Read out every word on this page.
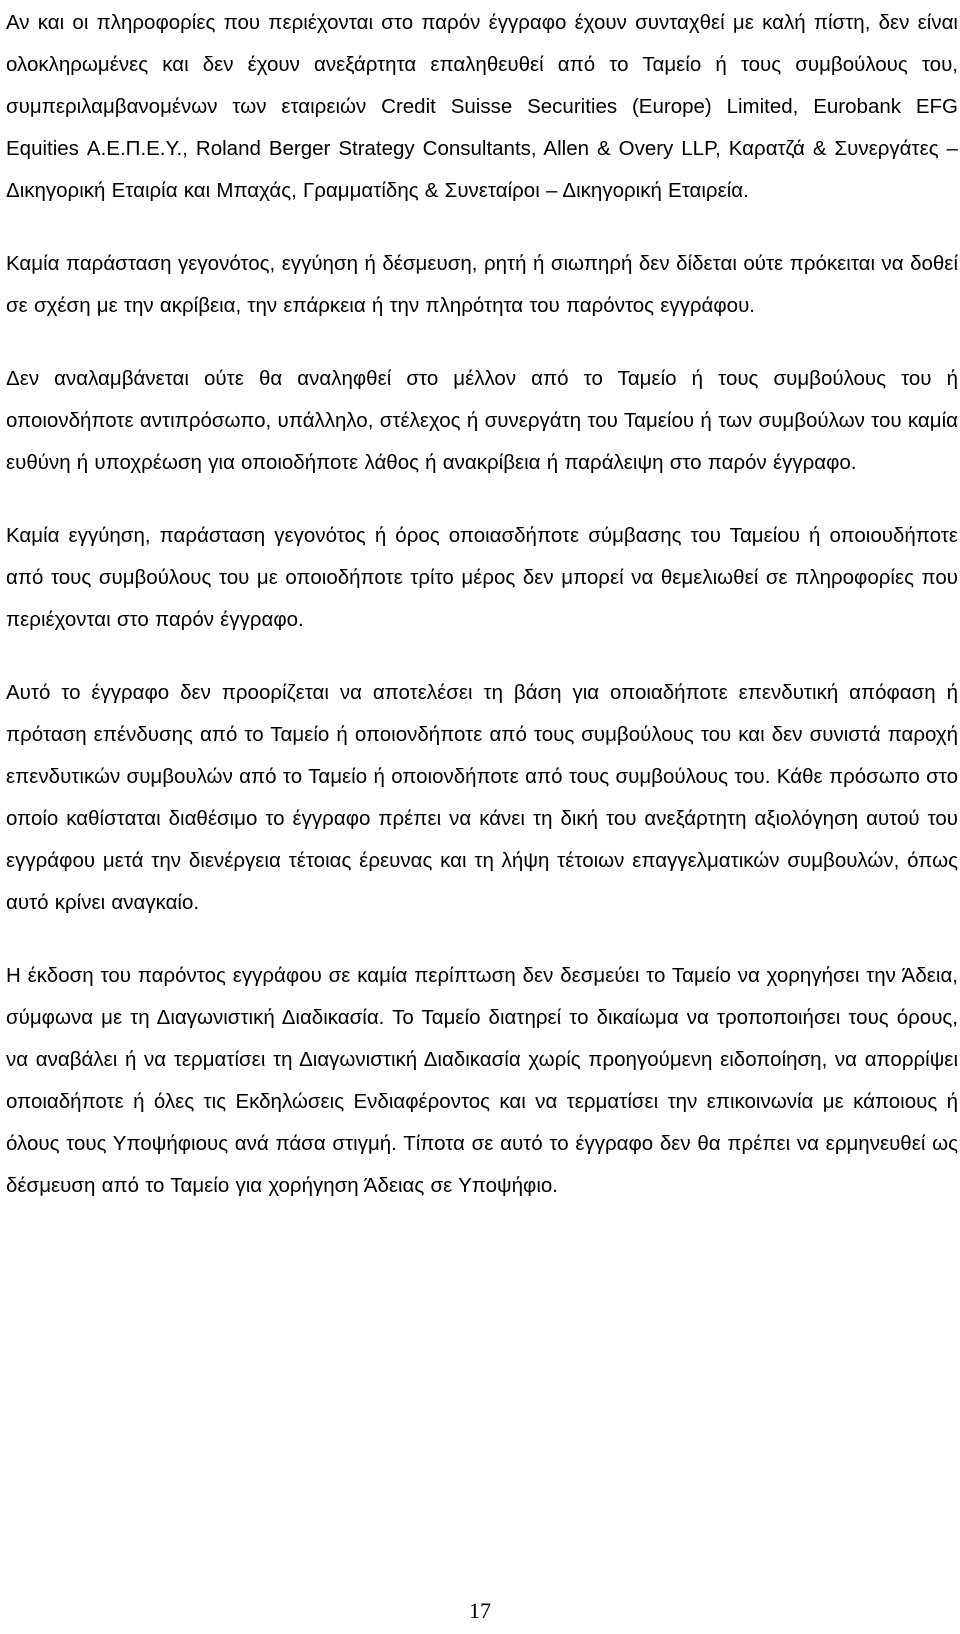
Αν και οι πληροφορίες που περιέχονται στο παρόν έγγραφο έχουν συνταχθεί με καλή πίστη, δεν είναι ολοκληρωμένες και δεν έχουν ανεξάρτητα επαληθευθεί από το Ταμείο ή τους συμβούλους του, συμπεριλαμβανομένων των εταιρειών Credit Suisse Securities (Europe) Limited, Eurobank EFG Equities Α.Ε.Π.Ε.Υ., Roland Berger Strategy Consultants, Allen & Overy LLP, Καρατζά & Συνεργάτες – Δικηγορική Εταιρία και Μπαχάς, Γραμματίδης & Συνεταίροι – Δικηγορική Εταιρεία.

Καμία παράσταση γεγονότος, εγγύηση ή δέσμευση, ρητή ή σιωπηρή δεν δίδεται ούτε πρόκειται να δοθεί σε σχέση με την ακρίβεια, την επάρκεια ή την πληρότητα του παρόντος εγγράφου.

Δεν αναλαμβάνεται ούτε θα αναληφθεί στο μέλλον από το Ταμείο ή τους συμβούλους του ή οποιονδήποτε αντιπρόσωπο, υπάλληλο, στέλεχος ή συνεργάτη του Ταμείου ή των συμβούλων του καμία ευθύνη ή υποχρέωση για οποιοδήποτε λάθος ή ανακρίβεια ή παράλειψη στο παρόν έγγραφο.

Καμία εγγύηση, παράσταση γεγονότος ή όρος οποιασδήποτε σύμβασης του Ταμείου ή οποιουδήποτε από τους συμβούλους του με οποιοδήποτε τρίτο μέρος δεν μπορεί να θεμελιωθεί σε πληροφορίες που περιέχονται στο παρόν έγγραφο.

Αυτό το έγγραφο δεν προορίζεται να αποτελέσει τη βάση για οποιαδήποτε επενδυτική απόφαση ή πρόταση επένδυσης από το Ταμείο ή οποιονδήποτε από τους συμβούλους του και δεν συνιστά παροχή επενδυτικών συμβουλών από το Ταμείο ή οποιονδήποτε από τους συμβούλους του. Κάθε πρόσωπο στο οποίο καθίσταται διαθέσιμο το έγγραφο πρέπει να κάνει τη δική του ανεξάρτητη αξιολόγηση αυτού του εγγράφου μετά την διενέργεια τέτοιας έρευνας και τη λήψη τέτοιων επαγγελματικών συμβουλών, όπως αυτό κρίνει αναγκαίο.

Η έκδοση του παρόντος εγγράφου σε καμία περίπτωση δεν δεσμεύει το Ταμείο να χορηγήσει την Άδεια, σύμφωνα με τη Διαγωνιστική Διαδικασία. Το Ταμείο διατηρεί το δικαίωμα να τροποποιήσει τους όρους, να αναβάλει ή να τερματίσει τη Διαγωνιστική Διαδικασία χωρίς προηγούμενη ειδοποίηση, να απορρίψει οποιαδήποτε ή όλες τις Εκδηλώσεις Ενδιαφέροντος και να τερματίσει την επικοινωνία με κάποιους ή όλους τους Υποψήφιους ανά πάσα στιγμή. Τίποτα σε αυτό το έγγραφο δεν θα πρέπει να ερμηνευθεί ως δέσμευση από το Ταμείο για χορήγηση Άδειας σε Υποψήφιο.

17
